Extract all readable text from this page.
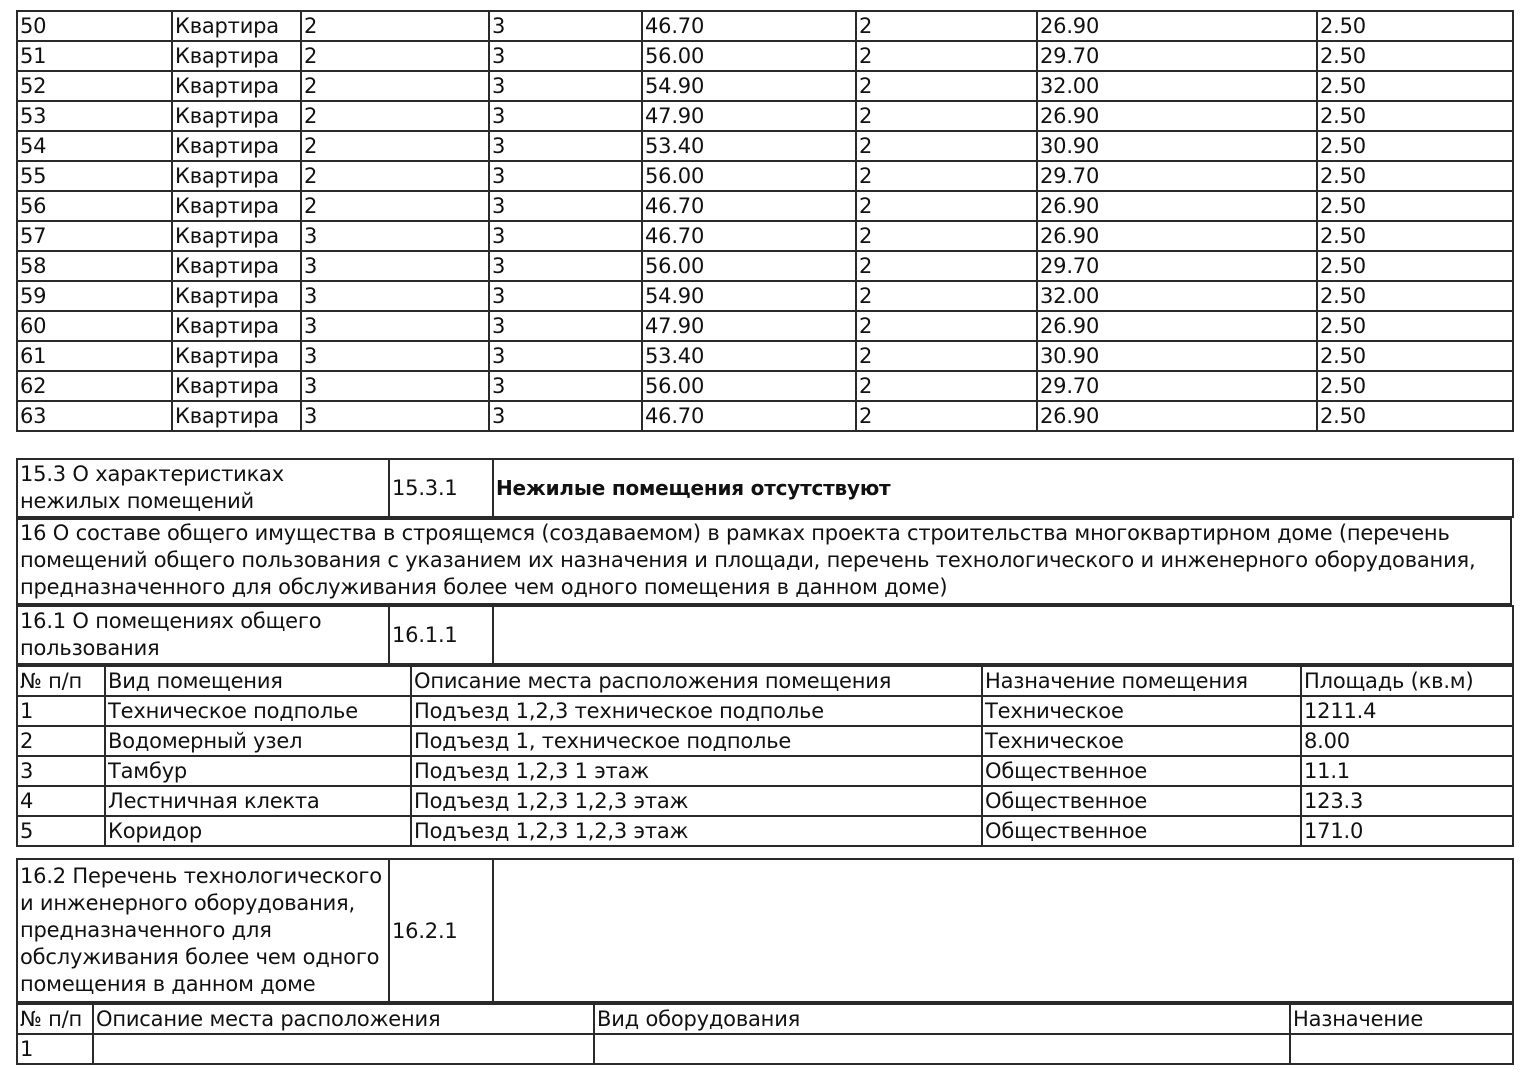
50	Квартира	2	3	46.70	2	26.90	2.50
51	Квартира	2	3	56.00	2	29.70	2.50
52	Квартира	2	3	54.90	2	32.00	2.50
53	Квартира	2	3	47.90	2	26.90	2.50
54	Квартира	2	3	53.40	2	30.90	2.50
55	Квартира	2	3	56.00	2	29.70	2.50
56	Квартира	2	3	46.70	2	26.90	2.50
57	Квартира	3	3	46.70	2	26.90	2.50
58	Квартира	3	3	56.00	2	29.70	2.50
59	Квартира	3	3	54.90	2	32.00	2.50
60	Квартира	3	3	47.90	2	26.90	2.50
61	Квартира	3	3	53.40	2	30.90	2.50
62	Квартира	3	3	56.00	2	29.70	2.50
63	Квартира	3	3	46.70	2	26.90	2.50
15.3 О характеристиках нежилых помещений	15.3.1	Нежилые помещения отсутствуют
16 О составе общего имущества в строящемся (создаваемом) в рамках проекта строительства многоквартирном доме (перечень помещений общего пользования с указанием их назначения и площади, перечень технологического и инженерного оборудования, предназначенного для обслуживания более чем одного помещения в данном доме)
16.1 О помещениях общего пользования	16.1.1	
№ п/п	Вид помещения	Описание места расположения помещения	Назначение помещения	Площадь (кв.м)
1	Техническое подполье	Подъезд 1,2,3 техническое подполье	Техническое	1211.4
2	Водомерный узел	Подъезд 1, техническое подполье	Техническое	8.00
3	Тамбур	Подъезд 1,2,3 1 этаж	Общественное	11.1
4	Лестничная клекта	Подъезд 1,2,3 1,2,3 этаж	Общественное	123.3
5	Коридор	Подъезд 1,2,3 1,2,3 этаж	Общественное	171.0
16.2 Перечень технологического и инженерного оборудования, предназначенного для обслуживания более чем одного помещения в данном доме	16.2.1	
№ п/п	Описание места расположения	Вид оборудования	Назначение
1			
